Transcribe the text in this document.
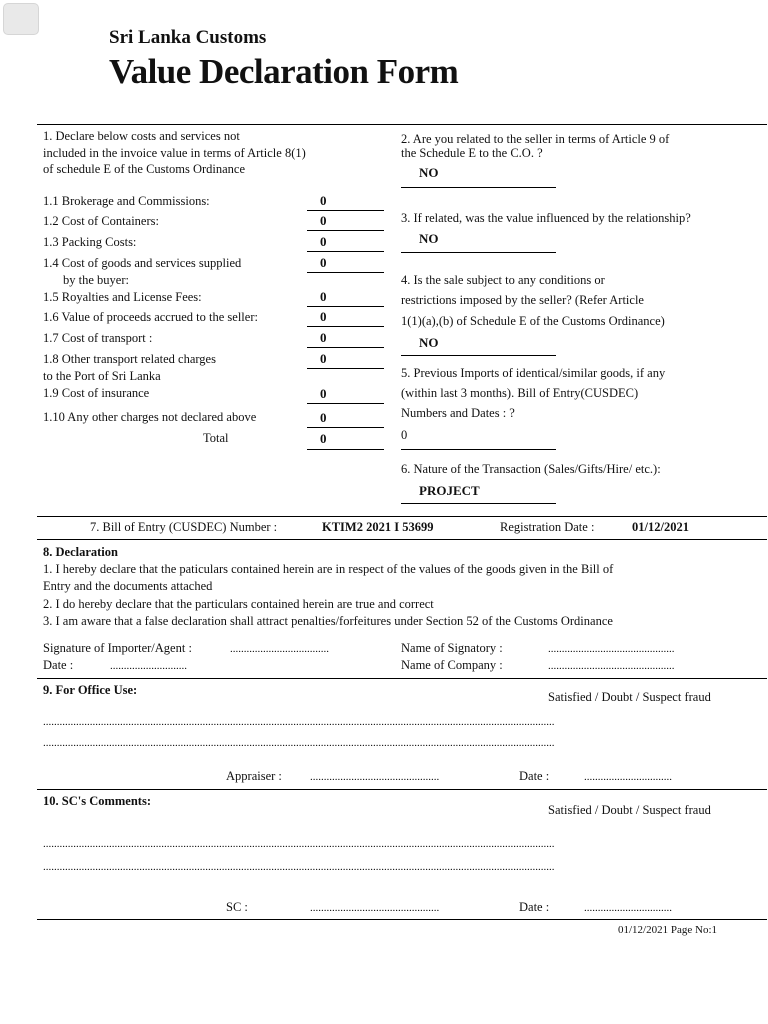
Sri Lanka Customs
Value Declaration Form
1. Declare below costs and services not
included in the invoice value in terms of Article 8(1)
of schedule E of the Customs Ordinance
1.1 Brokerage and Commissions:	0
1.2 Cost of Containers:	0
1.3 Packing Costs:	0
1.4 Cost of goods and services supplied
by the buyer:
0
1.5 Royalties and License Fees:	0
1.6 Value of proceeds accrued to the seller:	0
1.7 Cost of transport :	0
1.8 Other transport related charges
to the Port of Sri Lanka
0
1.9 Cost of insurance	0
1.10 Any other charges not declared above	0
Total	0
2. Are you related to the seller in terms of Article 9 of
the Schedule E to the C.O. ?
NO
3. If related, was the value influenced by the relationship?
NO
4. Is the sale subject to any conditions or
restrictions imposed by the seller? (Refer Article
1(1)(a),(b) of Schedule E of the Customs Ordinance)
NO
5. Previous Imports of identical/similar goods, if any
(within last 3 months). Bill of Entry(CUSDEC)
Numbers and Dates : ?
0
6. Nature of the Transaction (Sales/Gifts/Hire/ etc.):
PROJECT
7. Bill of Entry (CUSDEC) Number :	KTIM2 2021 I 53699	Registration Date :	01/12/2021
8. Declaration
1. I hereby declare that the paticulars contained herein are in respect of the values of the goods given in the Bill of
Entry and the documents attached
2. I do hereby declare that the particulars contained herein are true and correct
3. I am aware that a false declaration shall attract penalties/forfeitures under Section 52 of the Customs Ordinance
Signature of Importer/Agent :	....................................
Date :	............................
Name of Signatory :	..............................................
Name of Company :	..............................................
9. For Office Use:	Satisfied / Doubt / Suspect fraud
..........................................................................................................................................................................................
..........................................................................................................................................................................................
Appraiser :	...............................................	Date :	................................
10. SC's Comments:
Satisfied / Doubt / Suspect fraud
..........................................................................................................................................................................................
..........................................................................................................................................................................................
SC :	...............................................	Date :	................................
01/12/2021 Page No:1
